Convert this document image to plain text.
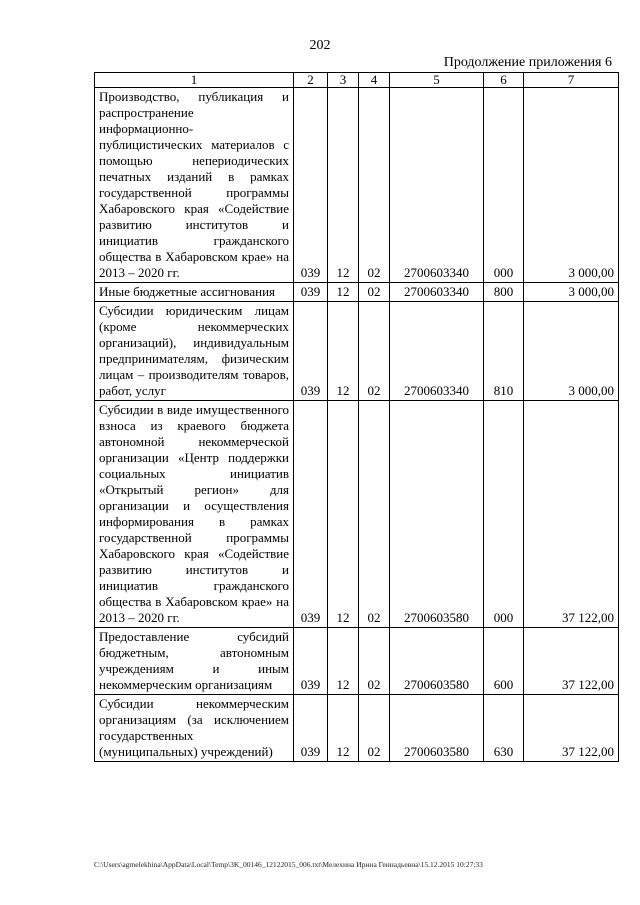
202
Продолжение приложения 6
1	2	3	4	5	6	7
Производство, публикация и распространение информационно-публицистических материалов с помощью непериодических печатных изданий в рамках государственной программы Хабаровского края «Содействие развитию институтов и инициатив гражданского общества в Хабаровском крае» на 2013 – 2020 гг.	039	12	02	2700603340	000	3 000,00
Иные бюджетные ассигнования	039	12	02	2700603340	800	3 000,00
Субсидии юридическим лицам (кроме некоммерческих организаций), индивидуальным предпринимателям, физическим лицам – производителям товаров, работ, услуг	039	12	02	2700603340	810	3 000,00
Субсидии в виде имущественного взноса из краевого бюджета автономной некоммерческой организации «Центр поддержки социальных инициатив «Открытый регион» для организации и осуществления информирования в рамках государственной программы Хабаровского края «Содействие развитию институтов и инициатив гражданского общества в Хабаровском крае» на 2013 – 2020 гг.	039	12	02	2700603580	000	37 122,00
Предоставление субсидий бюджетным, автономным учреждениям и иным некоммерческим организациям	039	12	02	2700603580	600	37 122,00
Субсидии некоммерческим организациям (за исключением государственных (муниципальных) учреждений)	039	12	02	2700603580	630	37 122,00
C:\Users\agmelekhina\AppData\Local\Temp\3K_00146_12122015_006.txt\Мелехина Ирина Геннадьевна\15.12.2015 10:27:33
